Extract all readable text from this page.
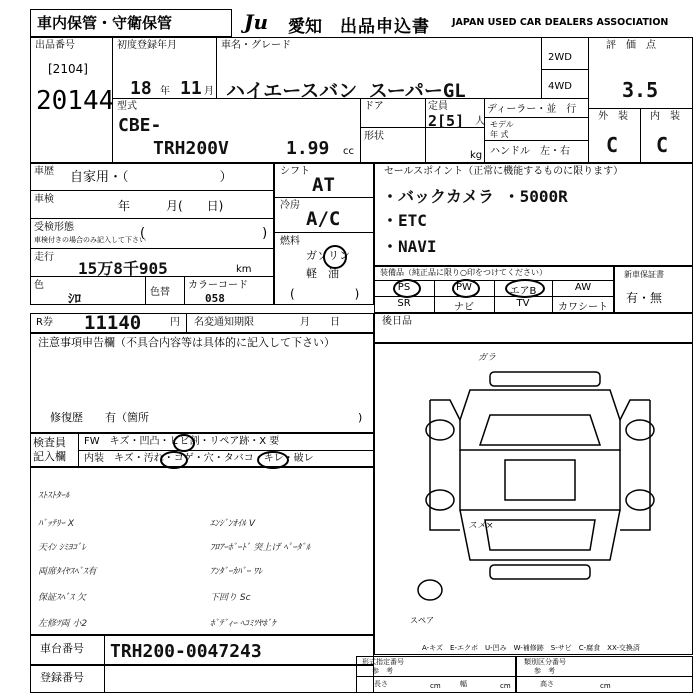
車内保管・守衛保管	Ju 愛知 出品申込書 JAPAN USED CAR DEALERS ASSOCIATION
出品番号
[2104]
20144
初度登録年月
18 年 11 月
車名・グレード
ハイエースバン スーパーGL
2WD
4WD
評　価　点
3.5
外　装 内　装
C C
型式
CBE-
TRH200V	1.99 cc
ドア	定員
2[5] 人
形状
kg
ディーラー・並　行
モデル
年 式
ハンドル　左・右
車歴 自家用・（　　　　　　　）
車検	年　　　月(　　日)
受検形態
車検付きの場合のみ記入して下さい
(　　　　　　　　　)
走行
15万8千905	km
色
ｼﾛ	色替
カラーコード
058
シフト
AT
冷房
A/C
燃料
ガソリン
軽　油
(　　　　　)
セールスポイント（正常に機能するものに限ります）
・バックカメラ ・5000R
・ETC
・NAVI
装備品（純正品に限り○印をつけてください）
PS	PW	エアB	AW
SR	ナビ	TV	カワシート
新車保証書
有・無
R券 11140	円 名変通知期限	月　　日	後日品
注意事項申告欄（不具合内容等は具体的に記入して下さい）
修復歴　　有（箇所	)
検査員
記入欄
FW　キズ・凹凸・ヒビ割・リペア跡・X 要
内装　キズ・汚れ・コゲ・穴・タバコ・キレ・破レ
ｽﾄｽﾄﾀｰﾙ
ﾊﾞｯﾃﾘｰ X
天ｲﾝ ｼﾐﾖｺﾞﾚ
両席ﾀｲﾔｽﾍﾞｽ有
保証ｽﾍﾞｽ 欠
左修ﾂ両 小2
ｴﾝｼﾞﾝｵｲﾙ V
ﾌﾛｱｰﾎﾞｰﾄﾞ 突上げ ﾍﾟｰﾀﾞﾙ
ｱﾝﾀﾞｰｶﾊﾞｰ ﾜﾚ
下回り Sc
ﾎﾞﾃﾞｨｰ ﾍｺﾐﾂﾔﾎﾞｹ
ガラ
スメ×
スペア
A-キズ　E-エクボ　U-凹み　W-補修跡　S-サビ　C-腐食　XX-交換済
車台番号 TRH200-0047243
登録番号
形式指定番号
参　考
長さ	cm	幅	cm
類別区分番号
参　考
高さ	cm
